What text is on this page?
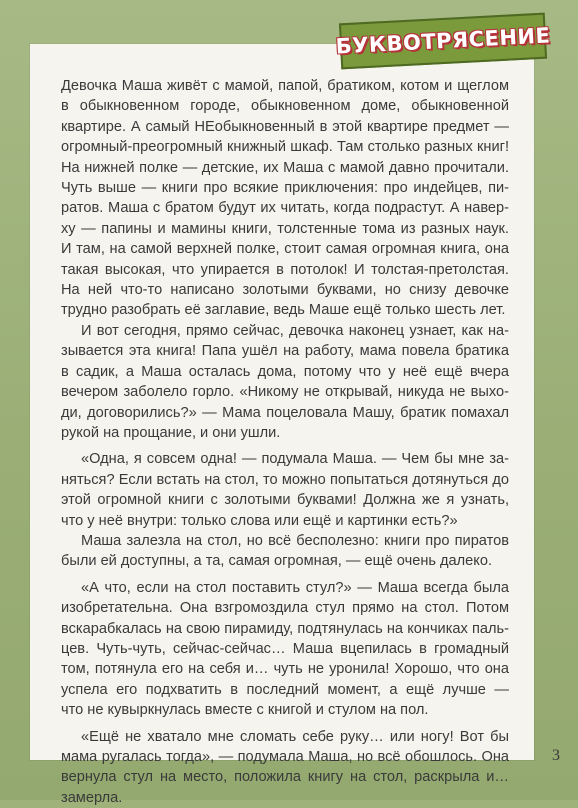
БУКВОТРЯСЕНИЕ
Девочка Маша живёт с мамой, папой, братиком, котом и щеглом
в обыкновенном городе, обыкновенном доме, обыкновенной
квартире. А самый НЕобыкновенный в этой квартире предмет —
огромный-преогромный книжный шкаф. Там столько разных книг!
На нижней полке — детские, их Маша с мамой давно прочитали.
Чуть выше — книги про всякие приключения: про индейцев, пи-
ратов. Маша с братом будут их читать, когда подрастут. А навер-
ху — папины и мамины книги, толстенные тома из разных наук.
И там, на самой верхней полке, стоит самая огромная книга, она
такая высокая, что упирается в потолок! И толстая-претолстая.
На ней что-то написано золотыми буквами, но снизу девочке
трудно разобрать её заглавие, ведь Маше ещё только шесть лет.
И вот сегодня, прямо сейчас, девочка наконец узнает, как на-
зывается эта книга! Папа ушёл на работу, мама повела братика
в садик, а Маша осталась дома, потому что у неё ещё вчера
вечером заболело горло. «Никому не открывай, никуда не выхо-
ди, договорились?» — Мама поцеловала Машу, братик помахал
рукой на прощание, и они ушли.
«Одна, я совсем одна! — подумала Маша. — Чем бы мне за-
няться? Если встать на стол, то можно попытаться дотянуться до
этой огромной книги с золотыми буквами! Должна же я узнать,
что у неё внутри: только слова или ещё и картинки есть?»
Маша залезла на стол, но всё бесполезно: книги про пиратов
были ей доступны, а та, самая огромная, — ещё очень далеко.
«А что, если на стол поставить стул?» — Маша всегда была
изобретательна. Она взгромоздила стул прямо на стол. Потом
вскарабкалась на свою пирамиду, подтянулась на кончиках паль-
цев. Чуть-чуть, сейчас-сейчас… Маша вцепилась в громадный
том, потянула его на себя и… чуть не уронила! Хорошо, что она
успела его подхватить в последний момент, а ещё лучше —
что не кувыркнулась вместе с книгой и стулом на пол.
«Ещё не хватало мне сломать себе руку… или ногу! Вот бы
мама ругалась тогда», — подумала Маша, но всё обошлось. Она
вернула стул на место, положила книгу на стол, раскрыла и…
замерла.
3
